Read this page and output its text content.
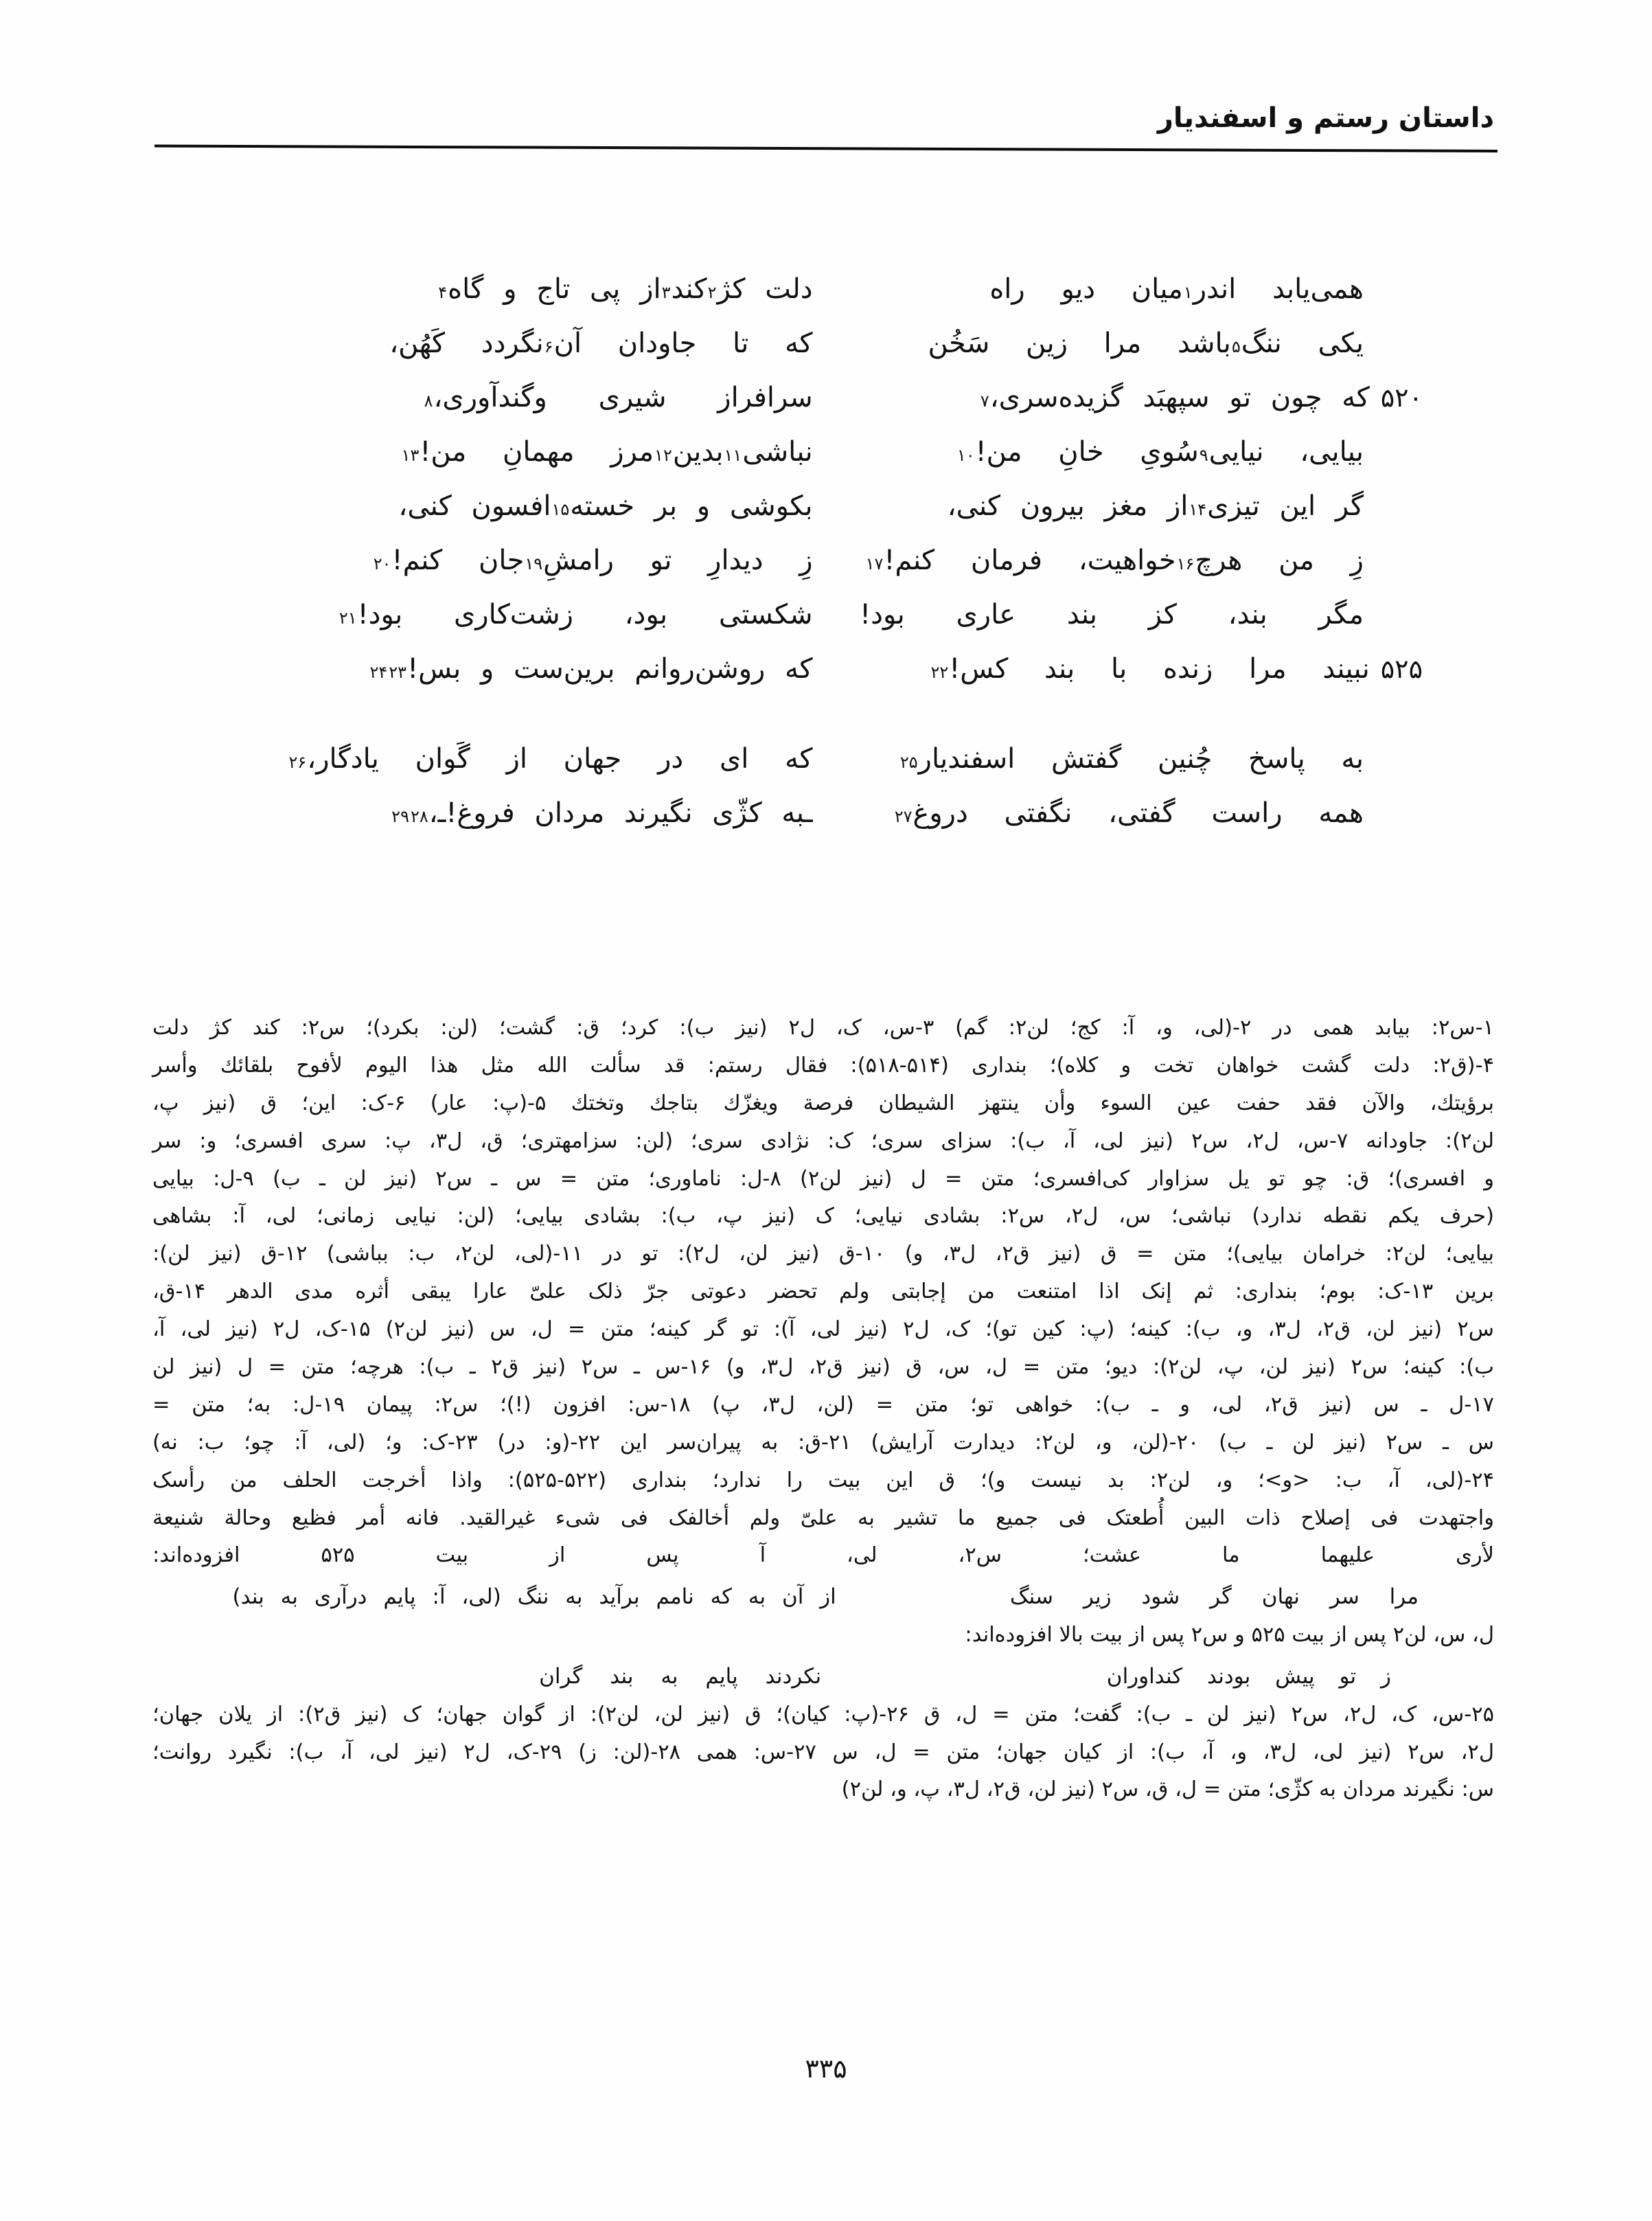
داستان رستم و اسفندیار
همی‌یابد اندر
۱
میان دیو راه
دلت کژ
۲
کند
۳
از پی تاج و گاه
۴
یکی ننگ
۵
باشد مرا زین سَخُن
که تا جاودان آن
۶
نگردد کَهُن،
۵۲۰
که چون تو سپهبَد گزیده‌سری،
۷
سرافراز شیری و
گندآوری،
۸
بیایی، نیایی
۹
سُویِ خانِ من!
۱۰
نباشی
۱۱
بدین
۱۲
مرز مهمانِ من!
۱۳
گر این تیزی
۱۴
از مغز بیرون کنی،
بکوشی و بر خسته
۱۵
افسون کنی،
زِ من هرچ
۱۶
خواهیت، فرمان کنم!
۱۷
زِ دیدارِ تو رامشِ
۱۹
جان کنم!
۲۰
مگر بند، کز بند عاری بود!
شکستی بود، زشت‌کاری بود!
۲۱
۵۲۵
نبیند مرا زنده با بند کس!
۲۲
که روشن‌روانم برین‌ست و بس!
۲۳
۲۴
به پاسخ چُنین گفتش اسفندیار
۲۵
که ای در جهان از گَوان یادگار،
۲۶
همه راست گفتی، نگفتی دروغ
۲۷
ـبه کژّی نگیرند مردان فروغ!ـ،
۲۸
۲۹
۱-س۲: بیابد همی در ۲-(لی، و، آ: کج؛ لن۲: گم) ۳-س، ک، ل۲ (نیز ب): کرد؛ ق: گشت؛ (لن: بکرد)؛ س۲: کند کژ دلت
۴-(ق۲: دلت گشت خواهان تخت و کلاه)؛ بنداری (۵۱۴-۵۱۸): فقال رستم: قد سألت الله مثل هذا اليوم لأفوح بلقائك وأسر
برؤيتك، والآن فقد حفت عين السوء وأن ينتهز الشيطان فرصة ويغزّك بتاجك وتختك ۵-(پ: عار) ۶-ک: این؛ ق (نیز پ،
لن۲): جاودانه ۷-س، ل۲، س۲ (نیز لی، آ، ب): سزای سری؛ ک: نژادی سری؛ (لن: سزامهتری؛ ق، ل۳، پ: سری افسری؛ و: سر
و افسری)؛ ق: چو تو یل سزاوار کی‌افسری؛ متن = ل (نیز لن۲) ۸-ل: ناماوری؛ متن = س ـ س۲ (نیز لن ـ ب) ۹-ل: بیایی
(حرف یکم نقطه ندارد) نباشی؛ س، ل۲، س۲: بشادی نیایی؛ ک (نیز پ، ب): بشادی بیایی؛ (لن: نیایی زمانی؛ لی، آ: بشاهی
بیایی؛ لن۲: خرامان بیایی)؛ متن = ق (نیز ق۲، ل۳، و) ۱۰-ق (نیز لن، ل۲): تو در ۱۱-(لی، لن۲، ب: بباشی) ۱۲-ق (نیز لن):
برین ۱۳-ک: بوم؛ بنداری: ثم إنک اذا امتنعت من إجابتی ولم تحضر دعوتی جرّ ذلک علیّ عارا یبقی أثره مدی الدهر ۱۴-ق،
س۲ (نیز لن، ق۲، ل۳، و، ب): کینه؛ (پ: کین تو)؛ ک، ل۲ (نیز لی، آ): تو گر کینه؛ متن = ل، س (نیز لن۲) ۱۵-ک، ل۲ (نیز لی، آ،
ب): کینه؛ س۲ (نیز لن، پ، لن۲): دیو؛ متن = ل، س، ق (نیز ق۲، ل۳، و) ۱۶-س ـ س۲ (نیز ق۲ ـ ب): هرچه؛ متن = ل (نیز لن
۱۷-ل ـ س (نیز ق۲، لی، و ـ ب): خواهی تو؛ متن = (لن، ل۳، پ) ۱۸-س: افزون (!)؛ س۲: پیمان ۱۹-ل: به؛ متن =
س ـ س۲ (نیز لن ـ ب) ۲۰-(لن، و، لن۲: دیدارت آرایش) ۲۱-ق: به پیران‌سر این ۲۲-(و: در) ۲۳-ک: و؛ (لی، آ: چو؛ ب: نه)
۲۴-(لی، آ، ب: <و>؛ و، لن۲: بد نیست و)؛ ق این بیت را ندارد؛ بنداری (۵۲۲-۵۲۵): واذا أخرجت الحلف من رأسک
واجتهدت فی إصلاح ذات البین أُطعتک فی جمیع ما تشیر به علیّ ولم أخالفک فی شیء غیرالقید. فانه أمر فظیع وحالة شنیعة
لأری علیهما ما عشت؛ س۲، لی، آ پس از بیت ۵۲۵ افزوده‌اند:
مرا سر نهان گر شود زیر سنگ
از آن به که نامم برآید به ننگ (لی، آ: پایم درآری به بند)
ل، س، لن۲ پس از بیت ۵۲۵ و س۲ پس از بیت بالا افزوده‌اند:
ز تو پیش بودند کنداوران
نکردند پایم به بند گران
۲۵-س، ک، ل۲، س۲ (نیز لن ـ ب): گفت؛ متن = ل، ق ۲۶-(پ: کیان)؛ ق (نیز لن، لن۲): از گوان جهان؛ ک (نیز ق۲): از یلان جهان؛
ل۲، س۲ (نیز لی، ل۳، و، آ، ب): از کیان جهان؛ متن = ل، س ۲۷-س: همی ۲۸-(لن: ز) ۲۹-ک، ل۲ (نیز لی، آ، ب): نگیرد روانت؛
س: نگیرند مردان به کژّی؛ متن = ل، ق، س۲ (نیز لن، ق۲، ل۳، پ، و، لن۲)
۳۳۵
